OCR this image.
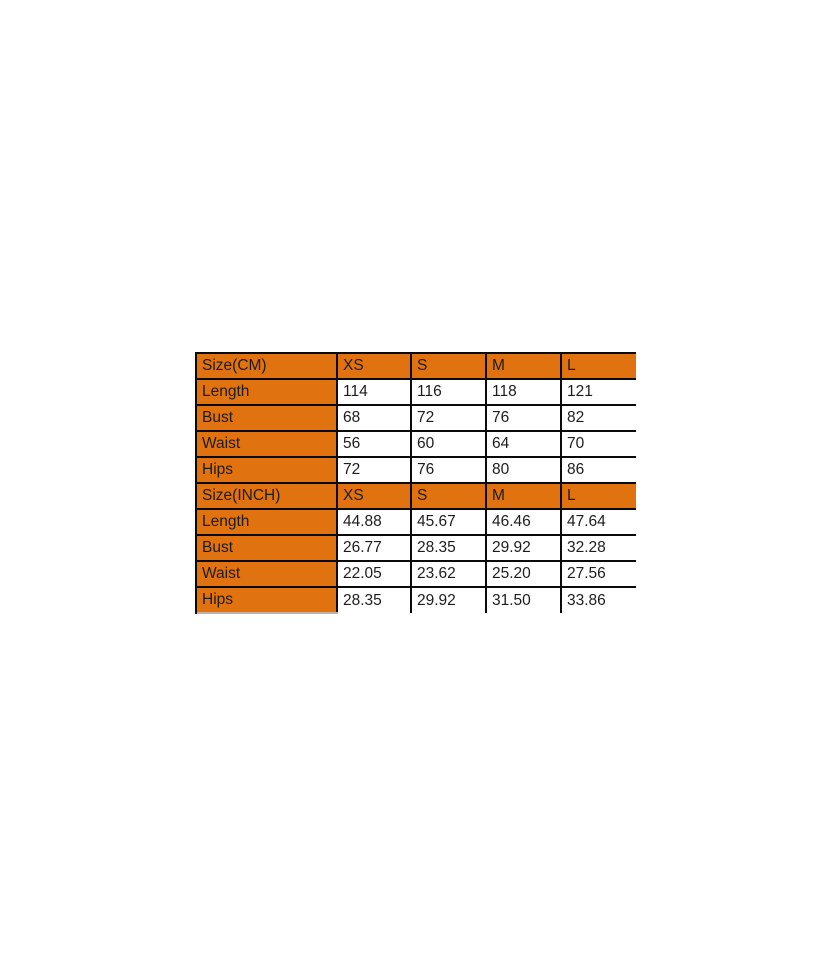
Size(CM)	XS	S	M	L
Length	114	116	118	121
Bust	68	72	76	82
Waist	56	60	64	70
Hips	72	76	80	86
Size(INCH)	XS	S	M	L
Length	44.88	45.67	46.46	47.64
Bust	26.77	28.35	29.92	32.28
Waist	22.05	23.62	25.20	27.56
Hips	28.35	29.92	31.50	33.86
